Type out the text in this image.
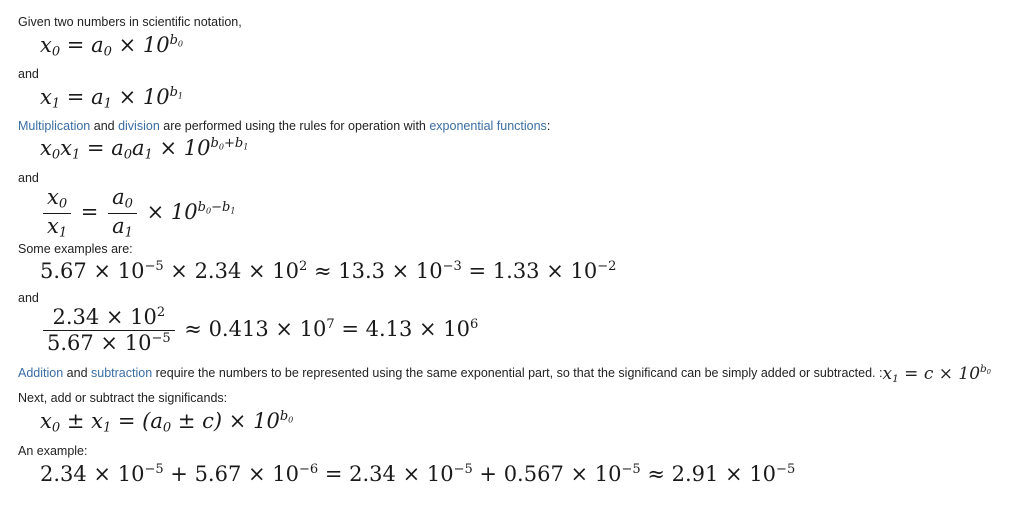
Given two numbers in scientific notation,
$x_0 = a_0 \times 10^{b_0}$
and
$x_1 = a_1 \times 10^{b_1}$
Multiplication and division are performed using the rules for operation with exponential functions:
$x_0x_1 = a_0a_1 \times 10^{b_0+b_1}$
and
$\frac{x_0}{x_1} = \frac{a_0}{a_1} \times 10^{b_0-b_1}$
Some examples are:
$5.67 \times 10^{-5} \times 2.34 \times 10^2 \approx 13.3 \times 10^{-3} = 1.33 \times 10^{-2}$
and
$\frac{2.34 \times 10^2}{5.67 \times 10^{-5}} \approx 0.413 \times 10^7 = 4.13 \times 10^6$
Addition and subtraction require the numbers to be represented using the same exponential part, so that the significand can be simply added or subtracted. $:x_1 = c \times 10^{b_0}$
Next, add or subtract the significands:
$x_0 \pm x_1 = (a_0 \pm c) \times 10^{b_0}$
An example:
$2.34 \times 10^{-5} + 5.67 \times 10^{-6} = 2.34 \times 10^{-5} + 0.567 \times 10^{-5} \approx 2.91 \times 10^{-5}$
